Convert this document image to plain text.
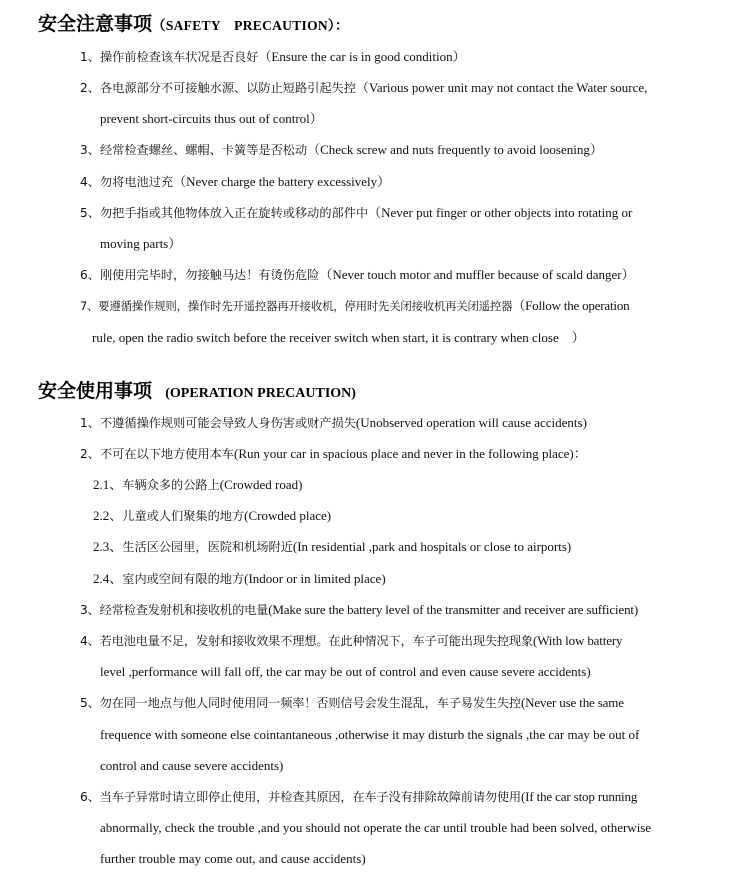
安全注意事项（SAFETY　PRECAUTION）：
1、操作前检查该车状况是否良好（Ensure the car is in good condition）
2、各电源部分不可接触水源、以防止短路引起失控（Various power unit may not contact the Water source,
prevent short-circuits thus out of control）
3、经常检查螺丝、螺帽、卡簧等是否松动（Check screw and nuts frequently to avoid loosening）
4、勿将电池过充（Never charge the battery excessively）
5、勿把手指或其他物体放入正在旋转或移动的部件中（Never put finger or other objects into rotating or
moving parts）
6、刚使用完毕时，勿接触马达！有烫伤危险（Never touch motor and muffler because of scald danger）
7、要遵循操作规则，操作时先开遥控器再开接收机，停用时先关闭接收机再关闭遥控器（Follow the operation
rule, open the radio switch before the receiver switch when start, it is contrary when close　）
安全使用事项 (OPERATION PRECAUTION)
1、不遵循操作规则可能会导致人身伤害或财产损失(Unobserved operation will cause accidents)
2、不可在以下地方使用本车(Run your car in spacious place and never in the following place)：
2.1、车辆众多的公路上(Crowded road)
2.2、儿童或人们聚集的地方(Crowded place)
2.3、生活区公园里，医院和机场附近(In residential ,park and hospitals or close to airports)
2.4、室内或空间有限的地方(Indoor or in limited place)
3、经常检查发射机和接收机的电量(Make sure the battery level of the transmitter and receiver are sufficient)
4、若电池电量不足，发射和接收效果不理想。在此种情况下，车子可能出现失控现象(With low battery
level ,performance will fall off, the car may be out of control and even cause severe accidents)
5、勿在同一地点与他人同时使用同一频率！否则信号会发生混乱，车子易发生失控(Never use the same
frequence with someone else cointantaneous ,otherwise it may disturb the signals ,the car may be out of
control and cause severe accidents)
6、当车子异常时请立即停止使用，并检查其原因，在车子没有排除故障前请勿使用(If the car stop running
abnormally, check the trouble ,and you should not operate the car until trouble had been solved, otherwise
further trouble may come out, and cause accidents)
